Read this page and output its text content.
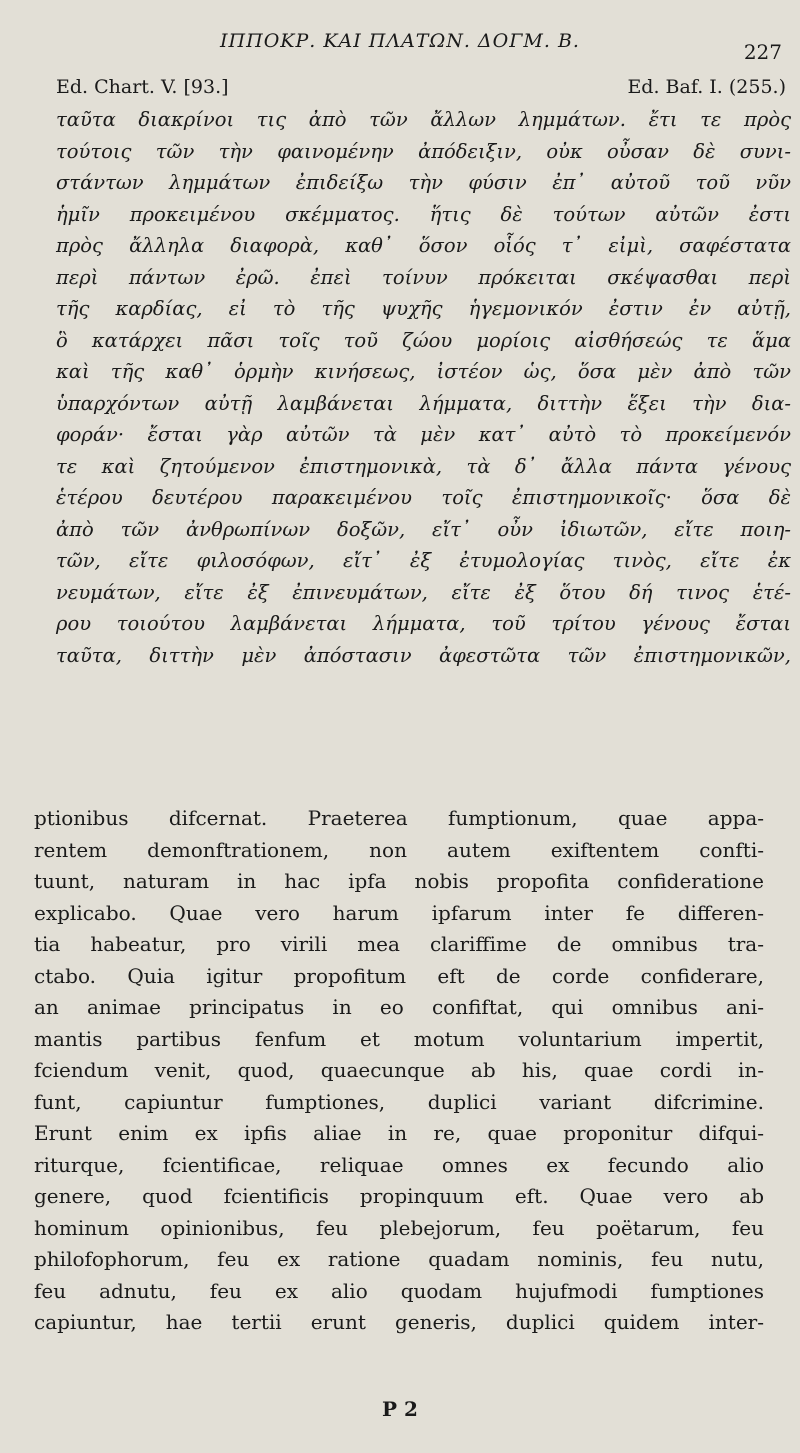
ΙΠΠΟΚΡ. ΚΑΙ ΠΛΑΤΩΝ. ΔΟΓΜ. Β.	227
Ed. Chart. V. [93.]	Ed. Baf. I. (255.)
ταῦτα διακρίνοι τις ἀπὸ τῶν ἄλλων λημμάτων. ἔτι τε πρὸς
τούτοις τῶν τὴν φαινομένην ἀπόδειξιν, οὐκ οὖσαν δὲ συνι-
στάντων λημμάτων ἐπιδείξω τὴν φύσιν ἐπ᾽ αὐτοῦ τοῦ νῦν
ἡμῖν προκειμένου σκέμματος. ἥτις δὲ τούτων αὐτῶν ἐστι
πρὸς ἄλληλα διαφορὰ, καθ᾽ ὅσον οἷός τ᾽ εἰμὶ, σαφέστατα
περὶ πάντων ἐρῶ. ἐπεὶ τοίνυν πρόκειται σκέψασθαι περὶ
τῆς καρδίας, εἰ τὸ τῆς ψυχῆς ἡγεμονικόν ἐστιν ἐν αὐτῇ,
ὃ κατάρχει πᾶσι τοῖς τοῦ ζώου μορίοις αἰσθήσεώς τε ἅμα
καὶ τῆς καθ᾽ ὁρμὴν κινήσεως, ἰστέον ὡς, ὅσα μὲν ἀπὸ τῶν
ὑπαρχόντων αὐτῇ λαμβάνεται λήμματα, διττὴν ἕξει τὴν δια-
φοράν· ἔσται γὰρ αὐτῶν τὰ μὲν κατ᾽ αὐτὸ τὸ προκείμενόν
τε καὶ ζητούμενον ἐπιστημονικὰ, τὰ δ᾽ ἄλλα πάντα γένους
ἑτέρου δευτέρου παρακειμένου τοῖς ἐπιστημονικοῖς· ὅσα δὲ
ἀπὸ τῶν ἀνθρωπίνων δοξῶν, εἴτ᾽ οὖν ἰδιωτῶν, εἴτε ποιη-
τῶν, εἴτε φιλοσόφων, εἴτ᾽ ἐξ ἐτυμολογίας τινὸς, εἴτε ἐκ
νευμάτων, εἴτε ἐξ ἐπινευμάτων, εἴτε ἐξ ὅτου δή τινος ἑτέ-
ρου τοιούτου λαμβάνεται λήμματα, τοῦ τρίτου γένους ἔσται
ταῦτα, διττὴν μὲν ἀπόστασιν ἀφεστῶτα τῶν ἐπιστημονικῶν,
ptionibus difcernat. Praeterea fumptionum, quae appa-
rentem demonftrationem, non autem exiftentem confti-
tuunt, naturam in hac ipfa nobis propofita confideratione
explicabo. Quae vero harum ipfarum inter fe differen-
tia habeatur, pro virili mea clariffime de omnibus tra-
ctabo. Quia igitur propofitum eft de corde confiderare,
an animae principatus in eo confiftat, qui omnibus ani-
mantis partibus fenfum et motum voluntarium impertit,
fciendum venit, quod, quaecunque ab his, quae cordi in-
funt, capiuntur fumptiones, duplici variant difcrimine.
Erunt enim ex ipfis aliae in re, quae proponitur difqui-
riturque, fcientificae, reliquae omnes ex fecundo alio
genere, quod fcientificis propinquum eft. Quae vero ab
hominum opinionibus, feu plebejorum, feu poëtarum, feu
philofophorum, feu ex ratione quadam nominis, feu nutu,
feu adnutu, feu ex alio quodam hujufmodi fumptiones
capiuntur, hae tertii erunt generis, duplici quidem inter-
P 2
